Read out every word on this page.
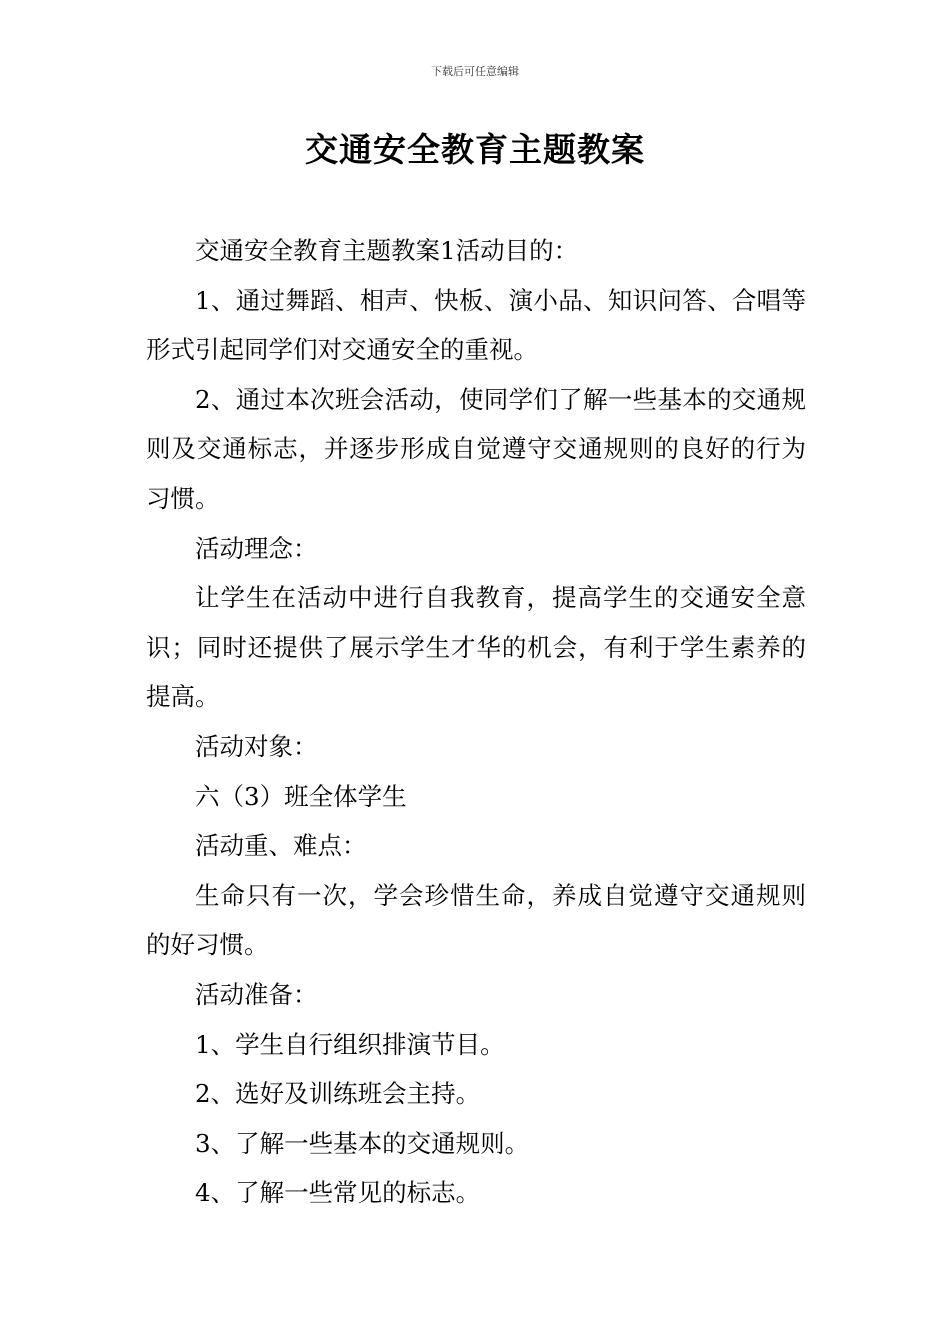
下载后可任意编辑
交通安全教育主题教案

交通安全教育主题教案1活动目的：

1、通过舞蹈、相声、快板、演小品、知识问答、合唱等形式引起同学们对交通安全的重视。

2、通过本次班会活动，使同学们了解一些基本的交通规则及交通标志，并逐步形成自觉遵守交通规则的良好的行为习惯。

活动理念：

让学生在活动中进行自我教育，提高学生的交通安全意识；同时还提供了展示学生才华的机会，有利于学生素养的提高。

活动对象：

六（3）班全体学生

活动重、难点：

生命只有一次，学会珍惜生命，养成自觉遵守交通规则的好习惯。

活动准备：

1、学生自行组织排演节目。

2、选好及训练班会主持。

3、了解一些基本的交通规则。

4、了解一些常见的标志。
